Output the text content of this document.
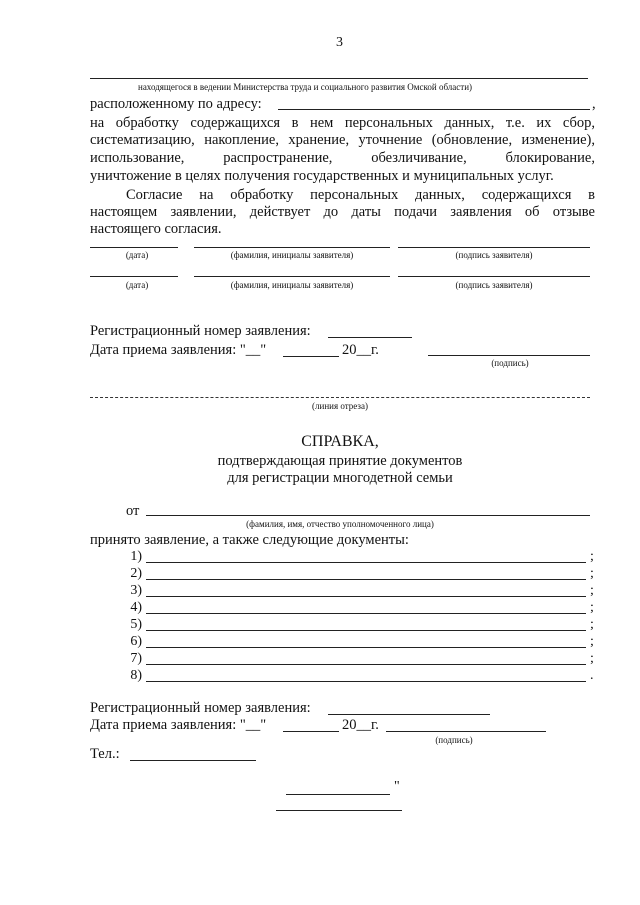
3
находящегося в ведении Министерства труда и социального развития Омской области)
расположенному по адресу:	,
на обработку содержащихся в нем персональных данных, т.е. их сбор,
систематизацию, накопление, хранение, уточнение (обновление, изменение),
использование, распространение, обезличивание, блокирование,
уничтожение в целях получения государственных и муниципальных услуг.
Согласие на обработку персональных данных, содержащихся в
настоящем заявлении, действует до даты подачи заявления об отзыве
настоящего согласия.
(дата)	(фамилия, инициалы заявителя)	(подпись заявителя)
(дата)	(фамилия, инициалы заявителя)	(подпись заявителя)
Регистрационный номер заявления:
Дата приема заявления: "__"	20__г.
(подпись)
(линия отреза)
СПРАВКА,
подтверждающая принятие документов
для регистрации многодетной семьи
от
(фамилия, имя, отчество уполномоченного лица)
принято заявление, а также следующие документы:
1)	;
2)	;
3)	;
4)	;
5)	;
6)	;
7)	;
8)	.
Регистрационный номер заявления:
Дата приема заявления: "__"	20__г.
(подпись)
Тел.:
"
